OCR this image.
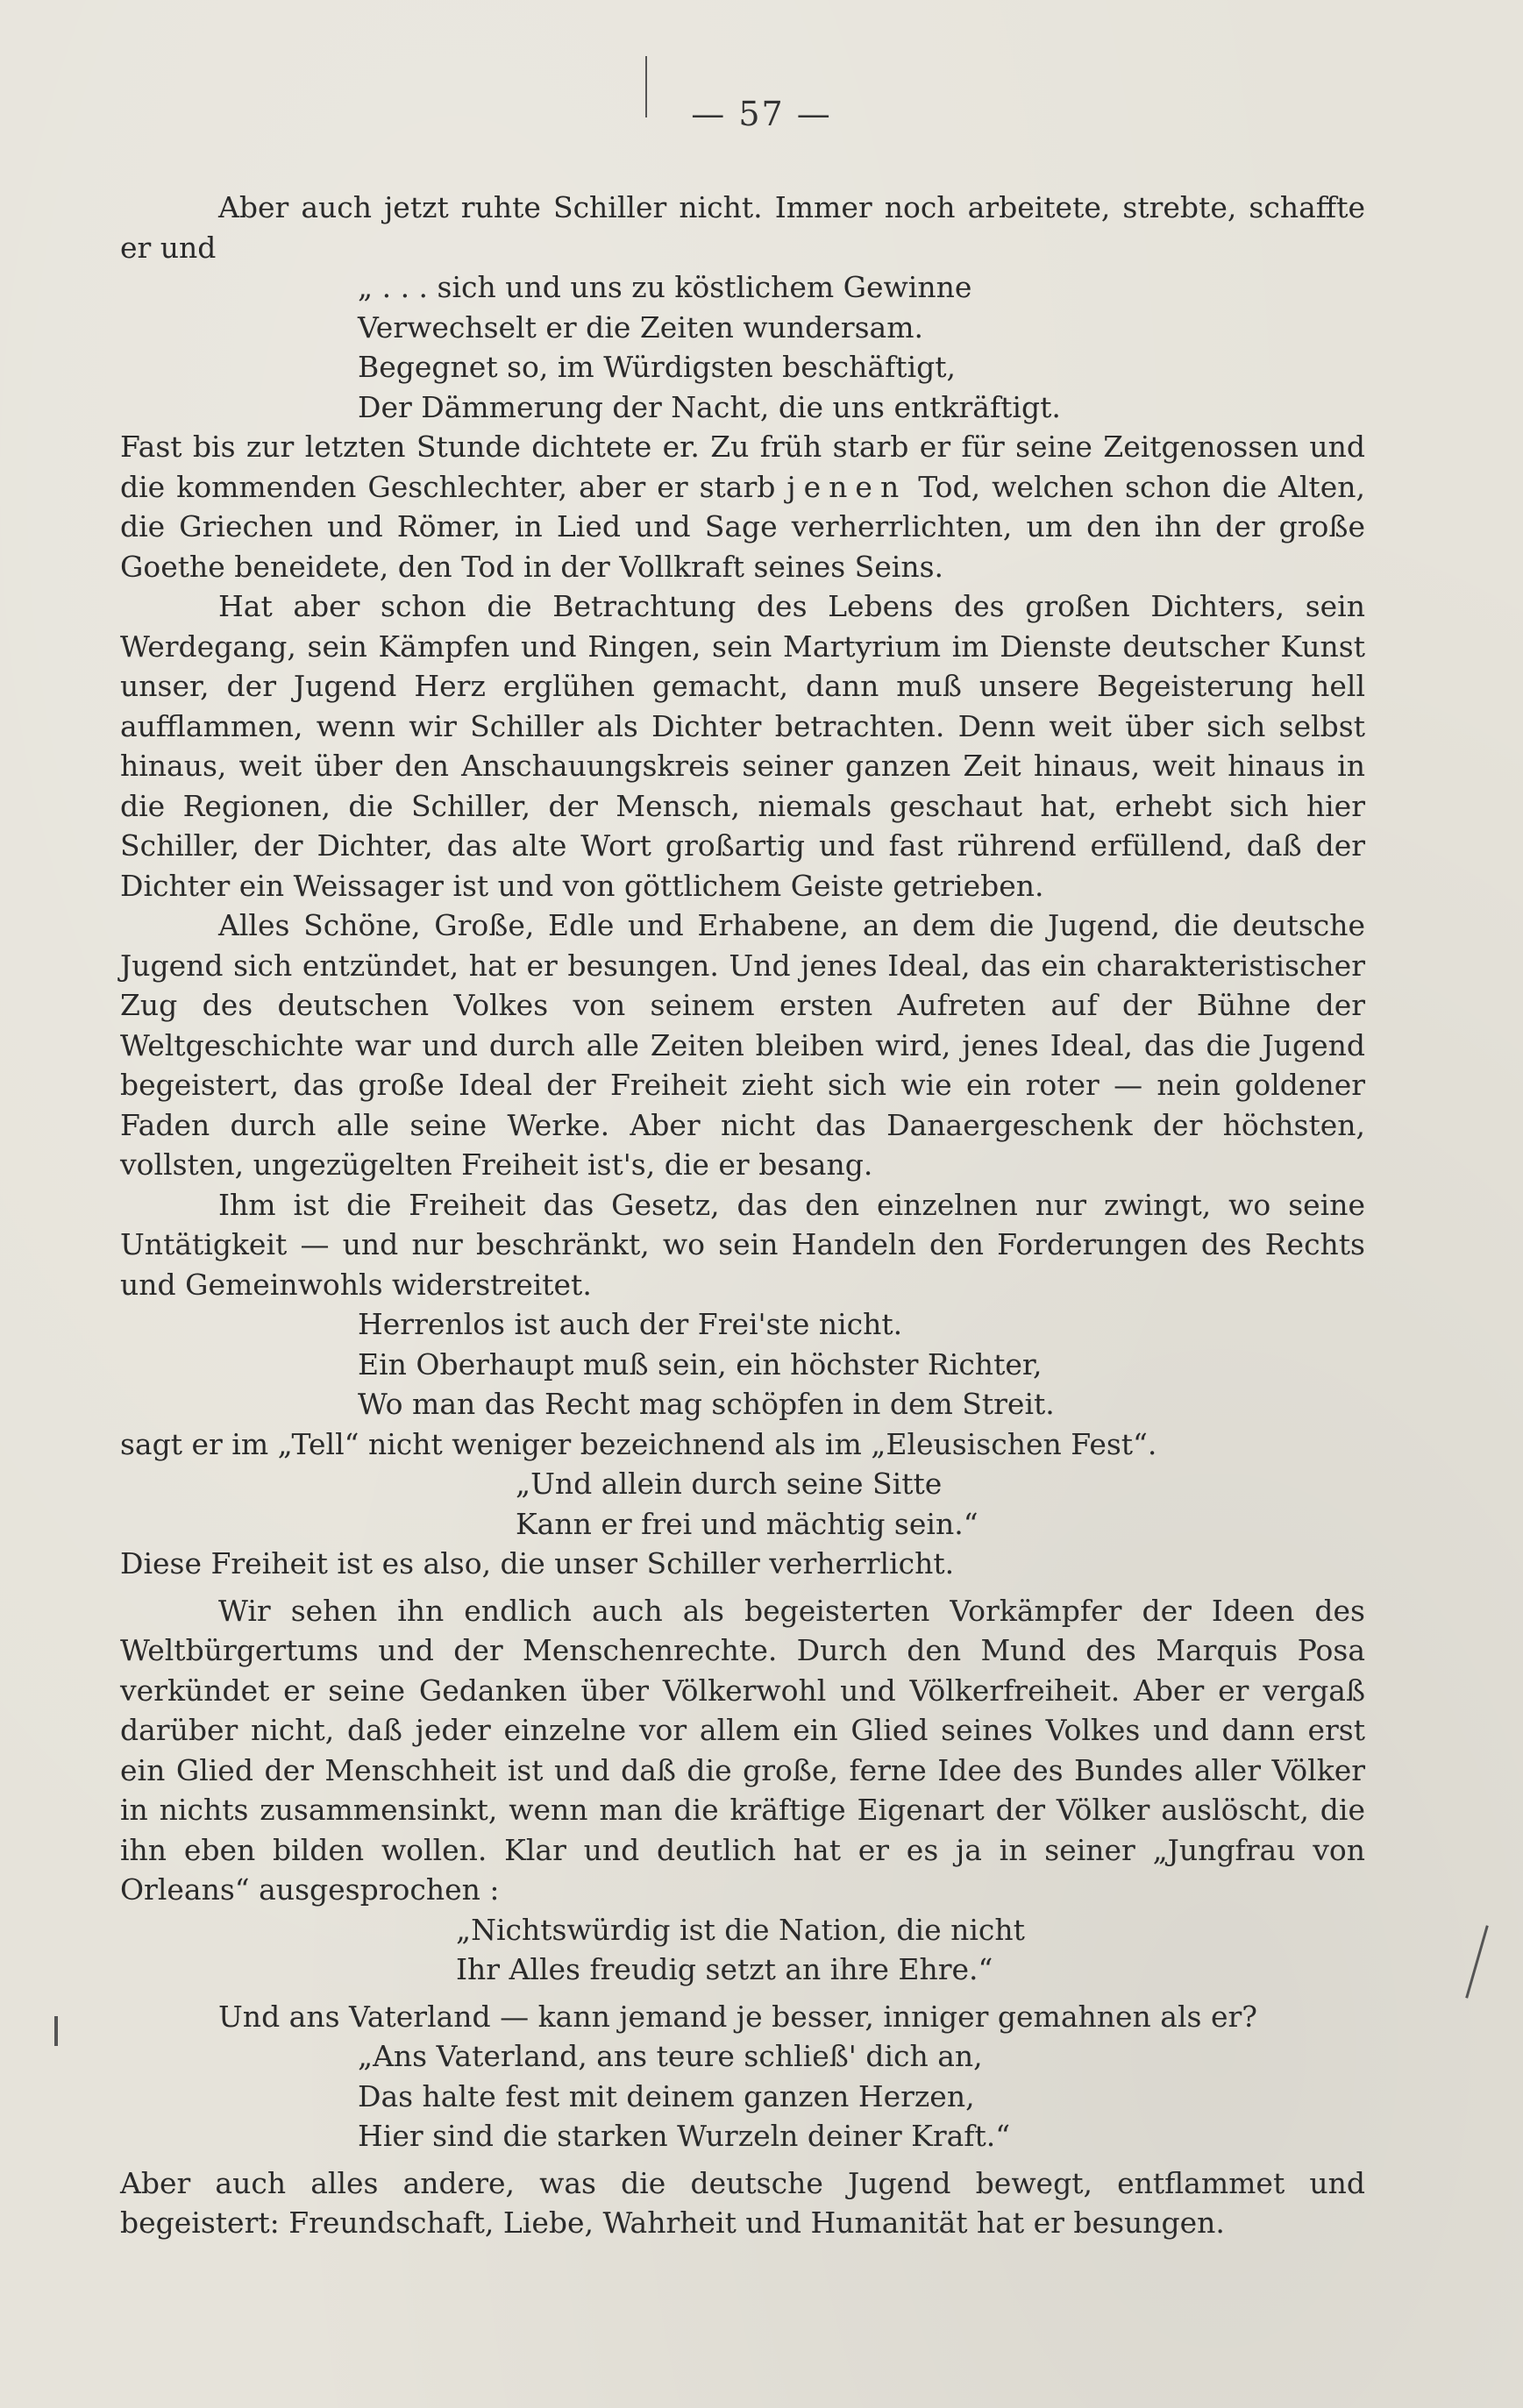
— 57 —

Aber auch jetzt ruhte Schiller nicht. Immer noch arbeitete, strebte, schaffte er und

„ . . . sich und uns zu köstlichem Gewinne

Verwechselt er die Zeiten wundersam.

Begegnet so, im Würdigsten beschäftigt,

Der Dämmerung der Nacht, die uns entkräftigt.

Fast bis zur letzten Stunde dichtete er. Zu früh starb er für seine Zeitgenossen und die kommenden Geschlechter, aber er starb jenen Tod, welchen schon die Alten, die Griechen und Römer, in Lied und Sage verherrlichten, um den ihn der große Goethe beneidete, den Tod in der Vollkraft seines Seins.

Hat aber schon die Betrachtung des Lebens des großen Dichters, sein Werdegang, sein Kämpfen und Ringen, sein Martyrium im Dienste deutscher Kunst unser, der Jugend Herz erglühen gemacht, dann muß unsere Begeisterung hell aufflammen, wenn wir Schiller als Dichter betrachten. Denn weit über sich selbst hinaus, weit über den Anschauungskreis seiner ganzen Zeit hinaus, weit hinaus in die Regionen, die Schiller, der Mensch, niemals geschaut hat, erhebt sich hier Schiller, der Dichter, das alte Wort großartig und fast rührend erfüllend, daß der Dichter ein Weissager ist und von göttlichem Geiste getrieben.

Alles Schöne, Große, Edle und Erhabene, an dem die Jugend, die deutsche Jugend sich entzündet, hat er besungen. Und jenes Ideal, das ein charakteristischer Zug des deutschen Volkes von seinem ersten Aufreten auf der Bühne der Weltgeschichte war und durch alle Zeiten bleiben wird, jenes Ideal, das die Jugend begeistert, das große Ideal der Freiheit zieht sich wie ein roter — nein goldener Faden durch alle seine Werke. Aber nicht das Danaergeschenk der höchsten, vollsten, ungezügelten Freiheit ist's, die er besang.

Ihm ist die Freiheit das Gesetz, das den einzelnen nur zwingt, wo seine Untätigkeit — und nur beschränkt, wo sein Handeln den Forderungen des Rechts und Gemeinwohls widerstreitet.

Herrenlos ist auch der Frei'ste nicht.

Ein Oberhaupt muß sein, ein höchster Richter,

Wo man das Recht mag schöpfen in dem Streit.

sagt er im „Tell“ nicht weniger bezeichnend als im „Eleusischen Fest“.

„Und allein durch seine Sitte

Kann er frei und mächtig sein.“

Diese Freiheit ist es also, die unser Schiller verherrlicht.

Wir sehen ihn endlich auch als begeisterten Vorkämpfer der Ideen des Weltbürgertums und der Menschenrechte. Durch den Mund des Marquis Posa verkündet er seine Gedanken über Völkerwohl und Völkerfreiheit. Aber er vergaß darüber nicht, daß jeder einzelne vor allem ein Glied seines Volkes und dann erst ein Glied der Menschheit ist und daß die große, ferne Idee des Bundes aller Völker in nichts zusammensinkt, wenn man die kräftige Eigenart der Völker auslöscht, die ihn eben bilden wollen. Klar und deutlich hat er es ja in seiner „Jungfrau von Orleans“ ausgesprochen :

„Nichtswürdig ist die Nation, die nicht

Ihr Alles freudig setzt an ihre Ehre.“

Und ans Vaterland — kann jemand je besser, inniger gemahnen als er?

„Ans Vaterland, ans teure schließ' dich an,

Das halte fest mit deinem ganzen Herzen,

Hier sind die starken Wurzeln deiner Kraft.“

Aber auch alles andere, was die deutsche Jugend bewegt, entflammet und begeistert: Freundschaft, Liebe, Wahrheit und Humanität hat er besungen.
